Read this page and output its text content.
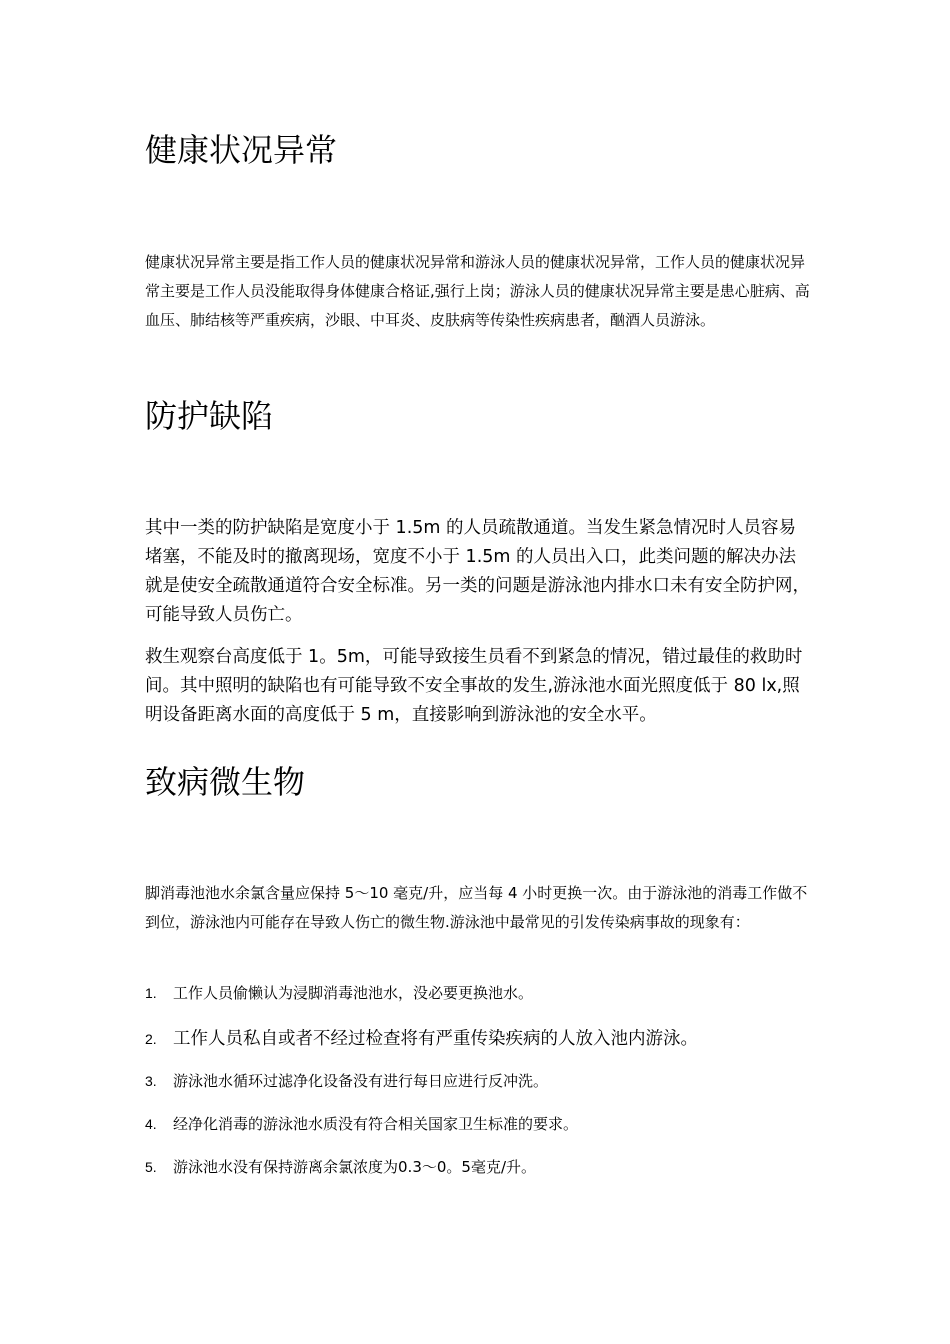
健康状况异常

健康状况异常主要是指工作人员的健康状况异常和游泳人员的健康状况异常，工作人员的健康状况异常主要是工作人员没能取得身体健康合格证,强行上岗；游泳人员的健康状况异常主要是患心脏病、高血压、肺结核等严重疾病，沙眼、中耳炎、皮肤病等传染性疾病患者，酗酒人员游泳。

防护缺陷

其中一类的防护缺陷是宽度小于 1.5m 的人员疏散通道。当发生紧急情况时人员容易堵塞，不能及时的撤离现场，宽度不小于 1.5m 的人员出入口，此类问题的解决办法就是使安全疏散通道符合安全标准。另一类的问题是游泳池内排水口未有安全防护网，可能导致人员伤亡。

救生观察台高度低于 1。5m，可能导致接生员看不到紧急的情况，错过最佳的救助时间。其中照明的缺陷也有可能导致不安全事故的发生,游泳池水面光照度低于 80 lx,照明设备距离水面的高度低于 5 m，直接影响到游泳池的安全水平。

致病微生物

脚消毒池池水余氯含量应保持 5～10 毫克/升，应当每 4 小时更换一次。由于游泳池的消毒工作做不到位，游泳池内可能存在导致人伤亡的微生物.游泳池中最常见的引发传染病事故的现象有：

1. 工作人员偷懒认为浸脚消毒池池水，没必要更换池水。
2. 工作人员私自或者不经过检查将有严重传染疾病的人放入池内游泳。
3. 游泳池水循环过滤净化设备没有进行每日应进行反冲洗。
4. 经净化消毒的游泳池水质没有符合相关国家卫生标准的要求。
5. 游泳池水没有保持游离余氯浓度为0.3～0。5毫克/升。
